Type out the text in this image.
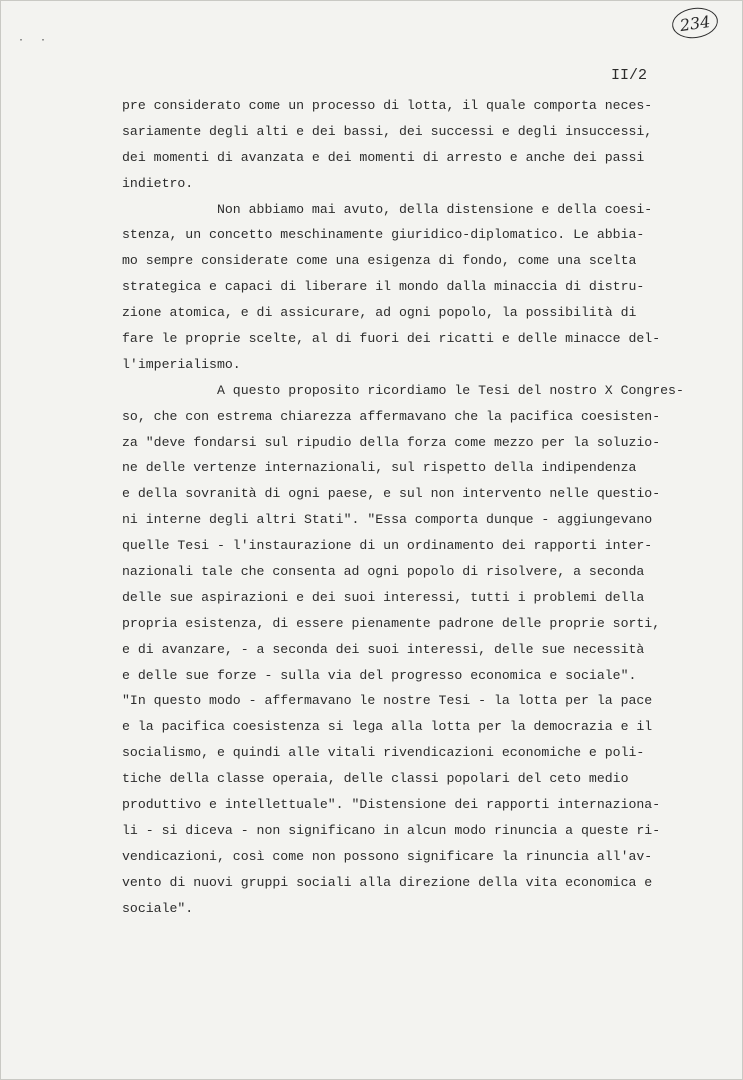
· ·
234
II/2
pre considerato come un processo di lotta, il quale comporta neces-
sariamente degli alti e dei bassi, dei successi e degli insuccessi,
dei momenti di avanzata e dei momenti di arresto e anche dei passi
indietro.
Non abbiamo mai avuto, della distensione e della coesi-
stenza, un concetto meschinamente giuridico-diplomatico. Le abbia-
mo sempre considerate come una esigenza di fondo, come una scelta
strategica e capaci di liberare il mondo dalla minaccia di distru-
zione atomica, e di assicurare, ad ogni popolo, la possibilità di
fare le proprie scelte, al di fuori dei ricatti e delle minacce del-
l'imperialismo.
A questo proposito ricordiamo le Tesi del nostro X Congres-
so, che con estrema chiarezza affermavano che la pacifica coesisten-
za "deve fondarsi sul ripudio della forza come mezzo per la soluzio-
ne delle vertenze internazionali, sul rispetto della indipendenza
e della sovranità di ogni paese, e sul non intervento nelle questio-
ni interne degli altri Stati". "Essa comporta dunque - aggiungevano
quelle Tesi - l'instaurazione di un ordinamento dei rapporti inter-
nazionali tale che consenta ad ogni popolo di risolvere, a seconda
delle sue aspirazioni e dei suoi interessi, tutti i problemi della
propria esistenza, di essere pienamente padrone delle proprie sorti,
e di avanzare, - a seconda dei suoi interessi, delle sue necessità
e delle sue forze - sulla via del progresso economica e sociale".
"In questo modo - affermavano le nostre Tesi - la lotta per la pace
e la pacifica coesistenza si lega alla lotta per la democrazia e il
socialismo, e quindi alle vitali rivendicazioni economiche e poli-
tiche della classe operaia, delle classi popolari del ceto medio
produttivo e intellettuale". "Distensione dei rapporti internaziona-
li - si diceva - non significano in alcun modo rinuncia a queste ri-
vendicazioni, così come non possono significare la rinuncia all'av-
vento di nuovi gruppi sociali alla direzione della vita economica e
sociale".
